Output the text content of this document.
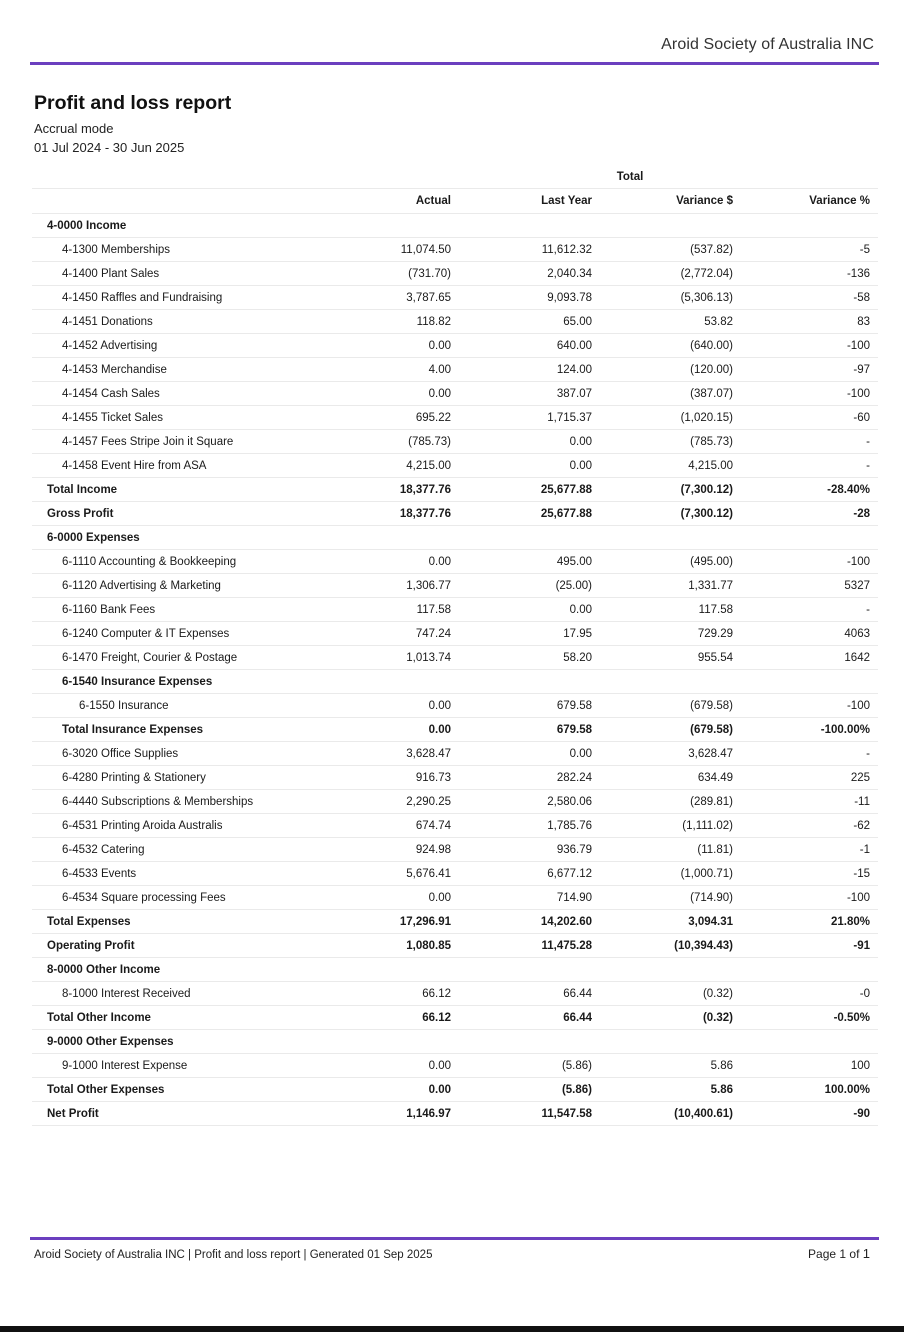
Aroid Society of Australia INC
Profit and loss report
Accrual mode
01 Jul 2024 - 30 Jun 2025
Total
Actual	Last Year	Variance $	Variance %
4-0000 Income
4-1300 Memberships	11,074.50	11,612.32	(537.82)	-5
4-1400 Plant Sales	(731.70)	2,040.34	(2,772.04)	-136
4-1450 Raffles and Fundraising	3,787.65	9,093.78	(5,306.13)	-58
4-1451 Donations	118.82	65.00	53.82	83
4-1452 Advertising	0.00	640.00	(640.00)	-100
4-1453 Merchandise	4.00	124.00	(120.00)	-97
4-1454 Cash Sales	0.00	387.07	(387.07)	-100
4-1455 Ticket Sales	695.22	1,715.37	(1,020.15)	-60
4-1457 Fees Stripe Join it Square	(785.73)	0.00	(785.73)	-
4-1458 Event Hire from ASA	4,215.00	0.00	4,215.00	-
Total Income	18,377.76	25,677.88	(7,300.12)	-28.40%
Gross Profit	18,377.76	25,677.88	(7,300.12)	-28
6-0000 Expenses
6-1110 Accounting & Bookkeeping	0.00	495.00	(495.00)	-100
6-1120 Advertising & Marketing	1,306.77	(25.00)	1,331.77	5327
6-1160 Bank Fees	117.58	0.00	117.58	-
6-1240 Computer & IT Expenses	747.24	17.95	729.29	4063
6-1470 Freight, Courier & Postage	1,013.74	58.20	955.54	1642
6-1540 Insurance Expenses
6-1550 Insurance	0.00	679.58	(679.58)	-100
Total Insurance Expenses	0.00	679.58	(679.58)	-100.00%
6-3020 Office Supplies	3,628.47	0.00	3,628.47	-
6-4280 Printing & Stationery	916.73	282.24	634.49	225
6-4440 Subscriptions & Memberships	2,290.25	2,580.06	(289.81)	-11
6-4531 Printing Aroida Australis	674.74	1,785.76	(1,111.02)	-62
6-4532 Catering	924.98	936.79	(11.81)	-1
6-4533 Events	5,676.41	6,677.12	(1,000.71)	-15
6-4534 Square processing Fees	0.00	714.90	(714.90)	-100
Total Expenses	17,296.91	14,202.60	3,094.31	21.80%
Operating Profit	1,080.85	11,475.28	(10,394.43)	-91
8-0000 Other Income
8-1000 Interest Received	66.12	66.44	(0.32)	-0
Total Other Income	66.12	66.44	(0.32)	-0.50%
9-0000 Other Expenses
9-1000 Interest Expense	0.00	(5.86)	5.86	100
Total Other Expenses	0.00	(5.86)	5.86	100.00%
Net Profit	1,146.97	11,547.58	(10,400.61)	-90
Aroid Society of Australia INC | Profit and loss report | Generated 01 Sep 2025	Page 1 of 1
